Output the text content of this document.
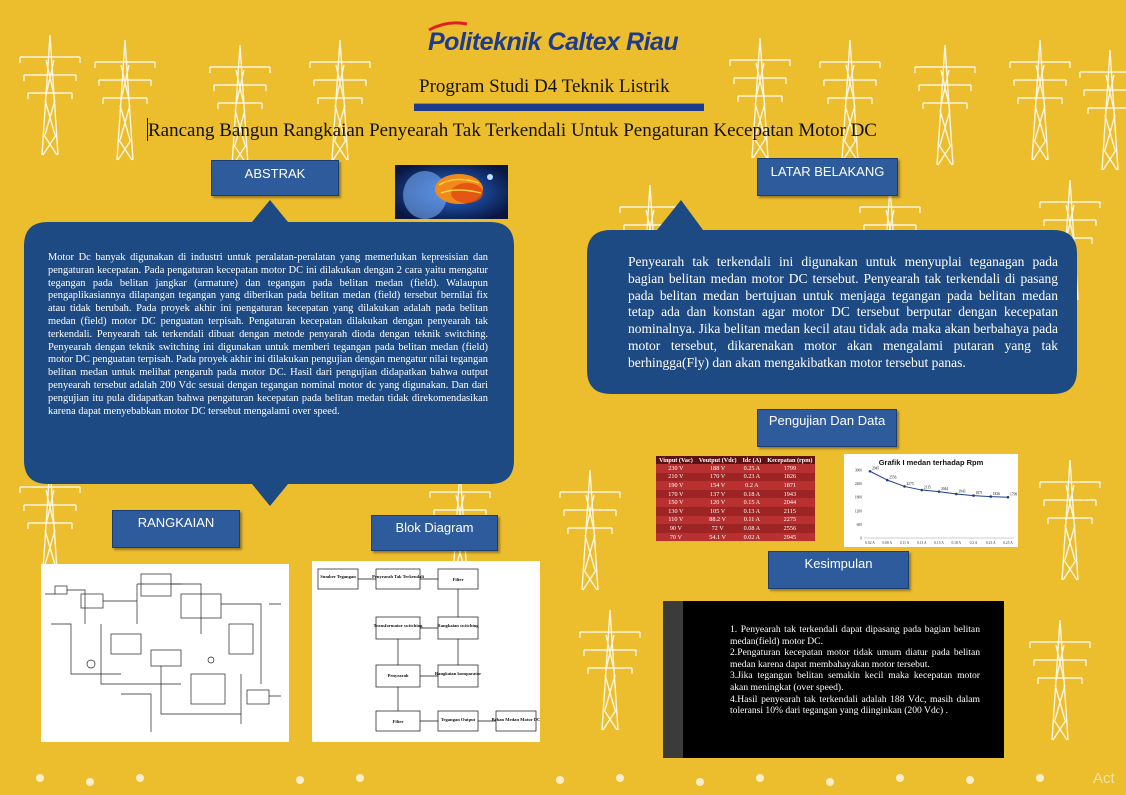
Politeknik Caltex Riau
Program Studi D4 Teknik Listrik
Rancang Bangun Rangkaian Penyearah Tak Terkendali Untuk Pengaturan Kecepatan Motor DC
ABSTRAK
Motor Dc banyak digunakan di industri untuk peralatan-peralatan yang memerlukan kepresisian dan pengaturan kecepatan. Pada pengaturan kecepatan motor DC ini dilakukan dengan 2 cara yaitu mengatur tegangan pada belitan jangkar (armature) dan tegangan pada belitan medan (field). Walaupun pengaplikasiannya dilapangan tegangan yang diberikan pada belitan medan (field) tersebut bernilai fix atau tidak berubah. Pada proyek akhir ini pengaturan kecepatan yang dilakukan adalah pada belitan medan (field) motor DC penguatan terpisah. Pengaturan kecepatan dilakukan dengan penyearah tak terkendali. Penyearah tak terkendali dibuat dengan metode penyarah dioda dengan teknik switching. Penyearah dengan teknik switching ini digunakan untuk memberi tegangan pada belitan medan (field) motor DC penguatan terpisah. Pada proyek akhir ini dilakukan pengujian dengan mengatur nilai tegangan belitan medan untuk melihat pengaruh pada motor DC. Hasil dari pengujian didapatkan bahwa output penyearah tersebut adalah 200 Vdc sesuai dengan tegangan nominal motor dc yang digunakan. Dan dari pengujian itu pula didapatkan bahwa pengaturan kecepatan pada belitan medan tidak direkomendasikan karena dapat menyebabkan motor DC tersebut mengalami over speed.
LATAR BELAKANG
Penyearah tak terkendali ini digunakan untuk menyuplai teganagan pada bagian belitan medan motor DC tersebut. Penyearah tak terkendali di pasang pada belitan medan bertujuan untuk menjaga tegangan pada belitan medan tetap ada dan konstan agar motor DC tersebut berputar dengan kecepatan nominalnya. Jika belitan medan kecil atau tidak ada maka akan berbahaya pada motor tersebut, dikarenakan motor akan mengalami putaran yang tak berhingga(Fly) dan akan mengakibatkan motor tersebut panas.
Pengujian Dan Data
Vinput (Vac)	Voutput (Vdc)	Idc (A)	Kecepatan (rpm)
230 V	188 V	0.25 A	1799
210 V	170 V	0.23 A	1826
190 V	154 V	0.2 A	1871
170 V	137 V	0.18 A	1943
150 V	120 V	0.15 A	2044
130 V	105 V	0.13 A	2115
110 V	88.2 V	0.11 A	2275
90 V	72 V	0.08 A	2556
70 V	54.1 V	0.02 A	2945
Grafik I medan terhadap Rpm
0
600
1200
1800
2400
3000
0.02 A 0.08 A 0.11 A 0.13 A 0.15 A 0.18 A 0.2 A 0.23 A 0.25 A
2945
2556
2275
2115	2044
1943	1871	1826	1799
RANGKAIAN	Blok Diagram
Sumber Tegangan	Penyearah Tak Terkendali
Filter
Transformator switching	Rangkaian switching
Penyearah	Rangkaian komparator
Filter	Tegangan Output	Beban Medan Motor DC
Kesimpulan
1. Penyearah tak terkendali dapat dipasang pada bagian belitan medan(field) motor DC.
2.Pengaturan kecepatan motor tidak umum diatur pada belitan medan karena dapat membahayakan motor tersebut.
3.Jika tegangan belitan semakin kecil maka kecepatan motor akan meningkat (over speed).
4.Hasil penyearah tak terkendali adalah 188 Vdc, masih dalam toleransi 10% dari tegangan yang diinginkan (200 Vdc) .
Act
